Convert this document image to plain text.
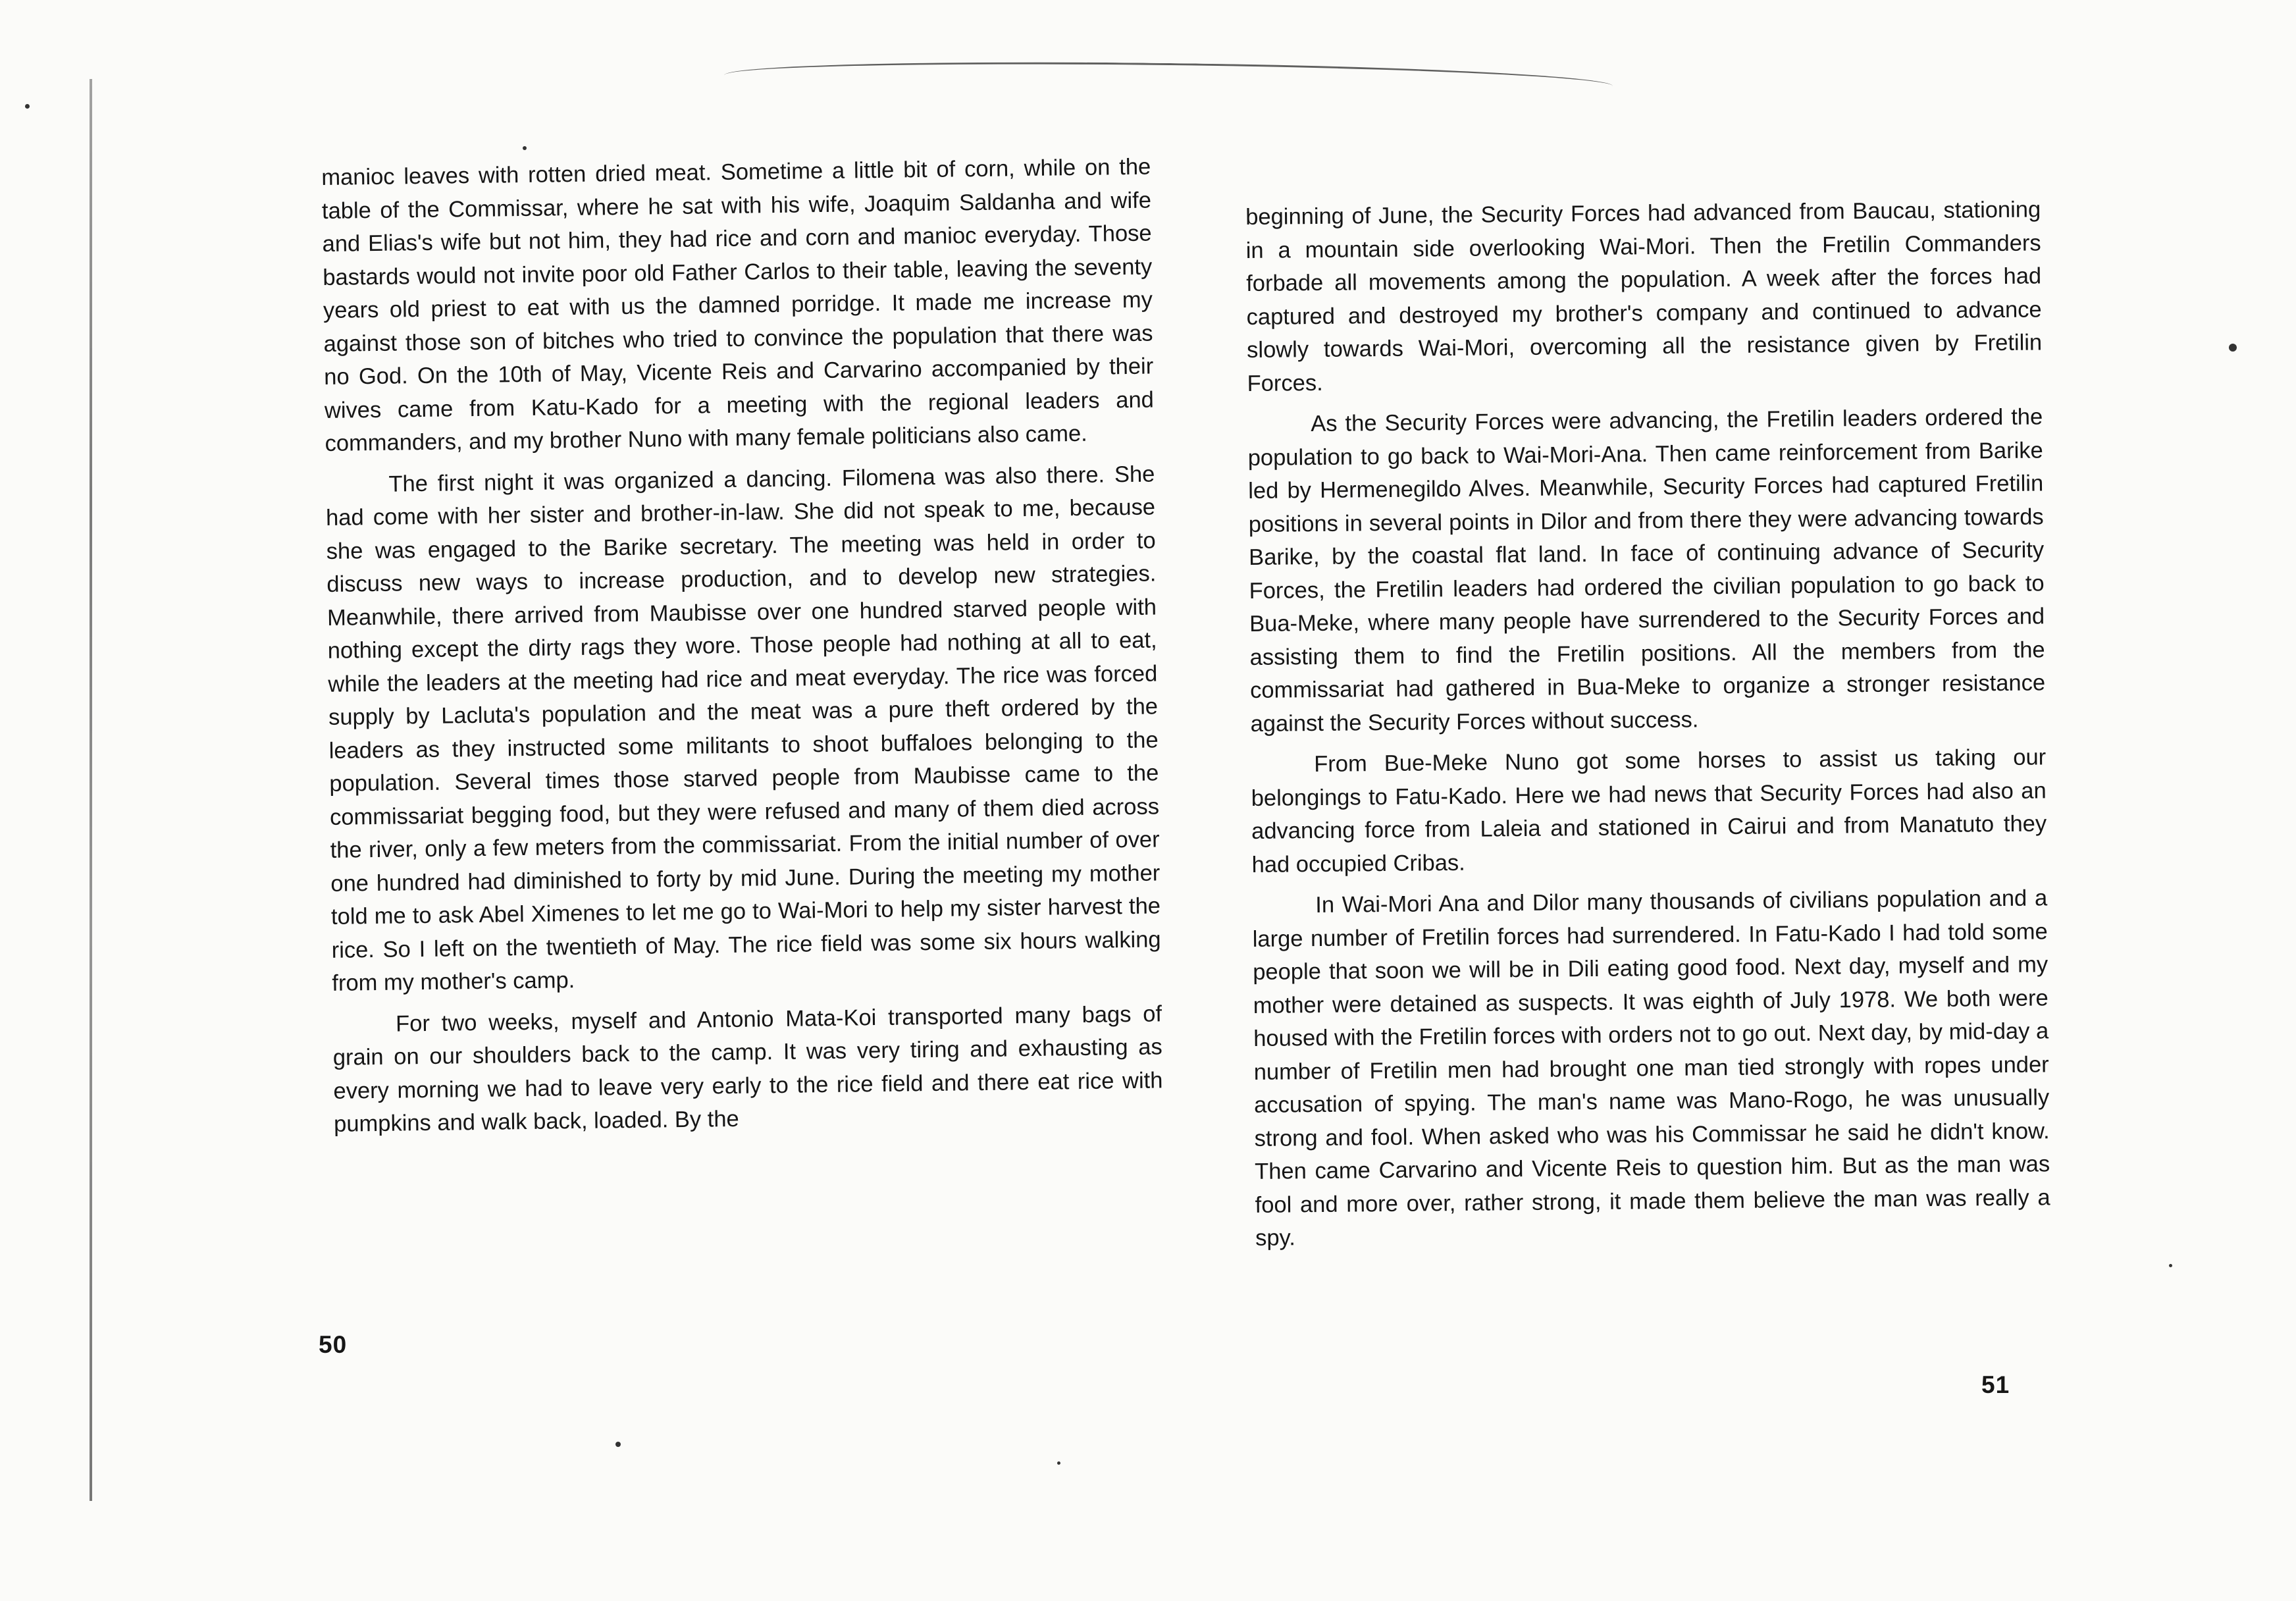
manioc leaves with rotten dried meat. Sometime a little bit of corn, while on the table of the Commissar, where he sat with his wife, Joaquim Saldanha and wife and Elias's wife but not him, they had rice and corn and manioc everyday. Those bastards would not invite poor old Father Carlos to their table, leaving the seventy years old priest to eat with us the damned porridge. It made me increase my against those son of bitches who tried to convince the population that there was no God. On the 10th of May, Vicente Reis and Carvarino accompanied by their wives came from Katu-Kado for a meeting with the regional leaders and commanders, and my brother Nuno with many female politicians also came.

The first night it was organized a dancing. Filomena was also there. She had come with her sister and brother-in-law. She did not speak to me, because she was engaged to the Barike secretary. The meeting was held in order to discuss new ways to increase production, and to develop new strategies. Meanwhile, there arrived from Maubisse over one hundred starved people with nothing except the dirty rags they wore. Those people had nothing at all to eat, while the leaders at the meeting had rice and meat everyday. The rice was forced supply by Lacluta's population and the meat was a pure theft ordered by the leaders as they instructed some militants to shoot buffaloes belonging to the population. Several times those starved people from Maubisse came to the commissariat begging food, but they were refused and many of them died across the river, only a few meters from the commissariat. From the initial number of over one hundred had diminished to forty by mid June. During the meeting my mother told me to ask Abel Ximenes to let me go to Wai-Mori to help my sister harvest the rice. So I left on the twentieth of May. The rice field was some six hours walking from my mother's camp.

For two weeks, myself and Antonio Mata-Koi transported many bags of grain on our shoulders back to the camp. It was very tiring and exhausting as every morning we had to leave very early to the rice field and there eat rice with pumpkins and walk back, loaded. By the

50

beginning of June, the Security Forces had advanced from Baucau, stationing in a mountain side overlooking Wai-Mori. Then the Fretilin Commanders forbade all movements among the population. A week after the forces had captured and destroyed my brother's company and continued to advance slowly towards Wai-Mori, overcoming all the resistance given by Fretilin Forces.

As the Security Forces were advancing, the Fretilin leaders ordered the population to go back to Wai-Mori-Ana. Then came reinforcement from Barike led by Hermenegildo Alves. Meanwhile, Security Forces had captured Fretilin positions in several points in Dilor and from there they were advancing towards Barike, by the coastal flat land. In face of continuing advance of Security Forces, the Fretilin leaders had ordered the civilian population to go back to Bua-Meke, where many people have surrendered to the Security Forces and assisting them to find the Fretilin positions. All the members from the commissariat had gathered in Bua-Meke to organize a stronger resistance against the Security Forces without success.

From Bue-Meke Nuno got some horses to assist us taking our belongings to Fatu-Kado. Here we had news that Security Forces had also an advancing force from Laleia and stationed in Cairui and from Manatuto they had occupied Cribas.

In Wai-Mori Ana and Dilor many thousands of civilians population and a large number of Fretilin forces had surrendered. In Fatu-Kado I had told some people that soon we will be in Dili eating good food. Next day, myself and my mother were detained as suspects. It was eighth of July 1978. We both were housed with the Fretilin forces with orders not to go out. Next day, by mid-day a number of Fretilin men had brought one man tied strongly with ropes under accusation of spying. The man's name was Mano-Rogo, he was unusually strong and fool. When asked who was his Commissar he said he didn't know. Then came Carvarino and Vicente Reis to question him. But as the man was fool and more over, rather strong, it made them believe the man was really a spy.

51
